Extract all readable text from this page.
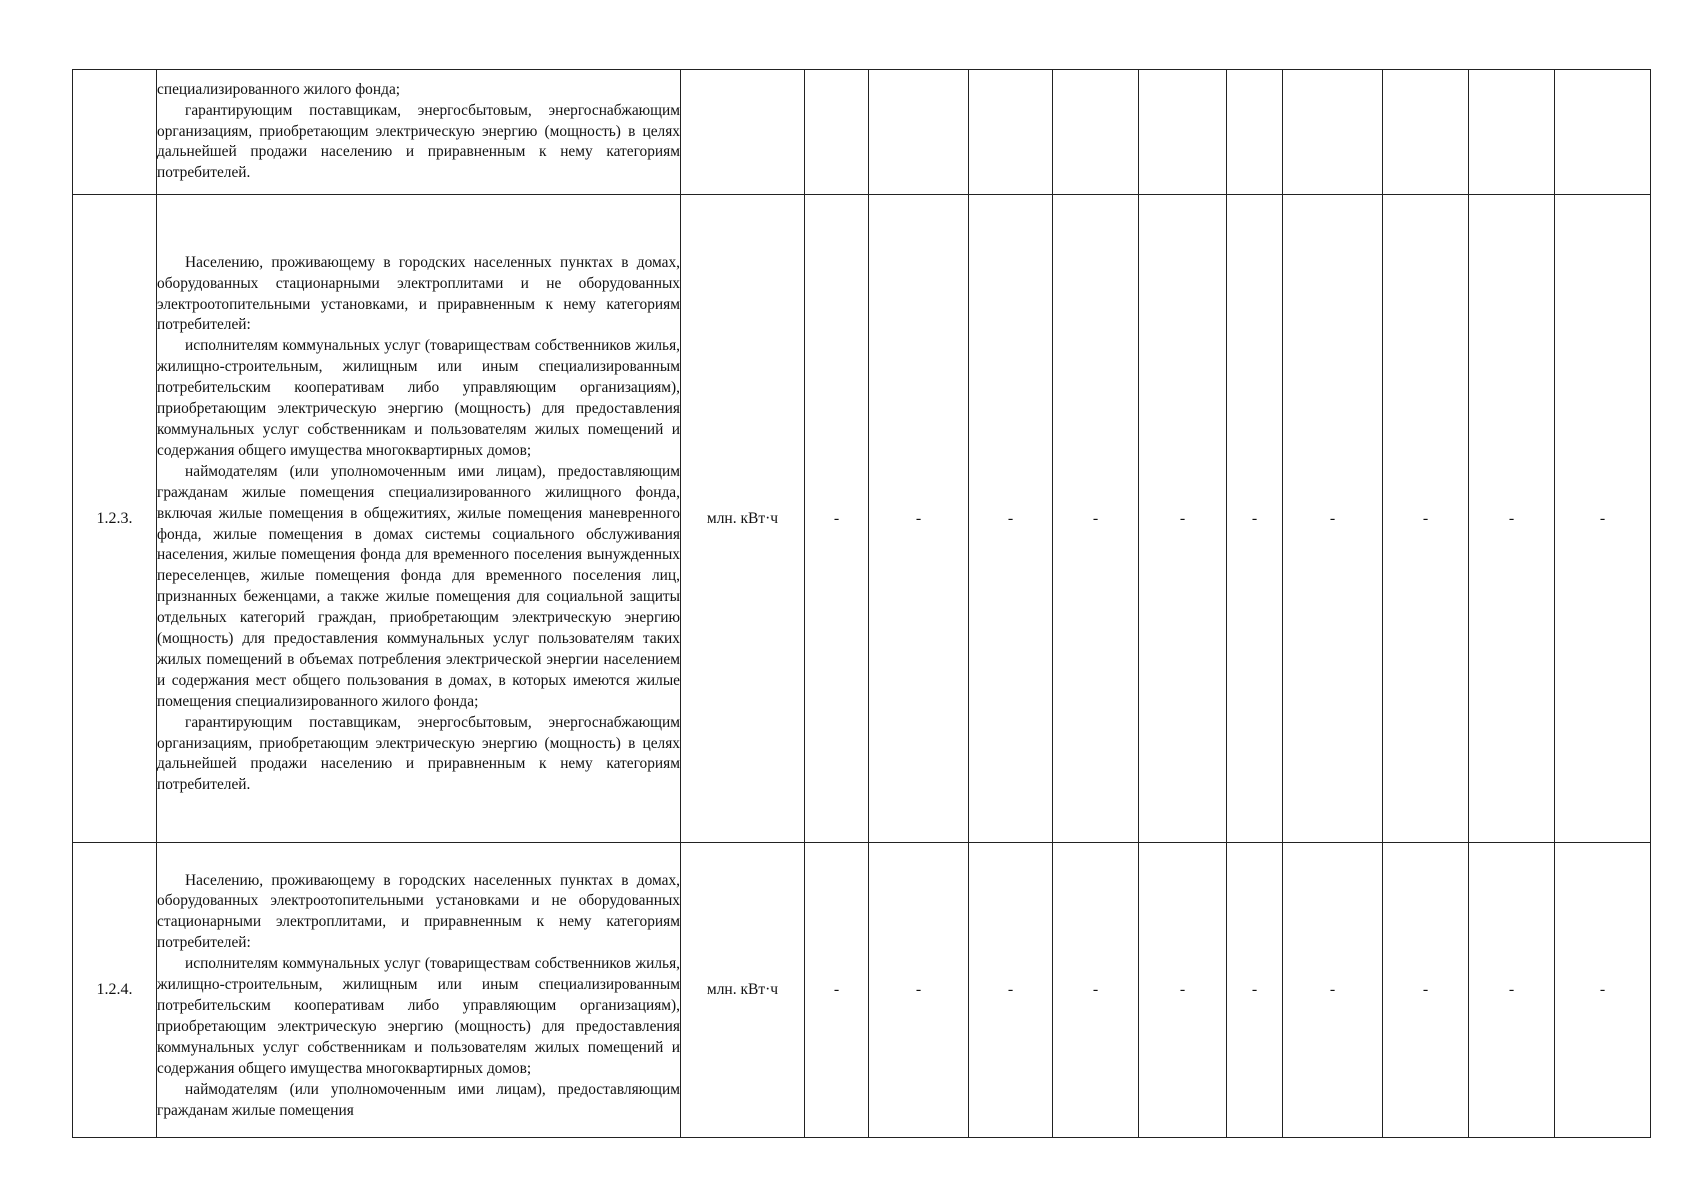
	специализированного жилого фонда;
гарантирующим поставщикам, энергосбытовым, энергоснабжающим организациям, приобретающим электрическую энергию (мощность) в целях дальнейшей продажи населению и приравненным к нему категориям потребителей.											

1.2.3.	Населению, проживающему в городских населенных пунктах в домах, оборудованных стационарными электроплитами и не оборудованных электроотопительными установками, и приравненным к нему категориям потребителей:
исполнителям коммунальных услуг (товариществам собственников жилья, жилищно-строительным, жилищным или иным специализированным потребительским кооперативам либо управляющим организациям), приобретающим электрическую энергию (мощность) для предоставления коммунальных услуг собственникам и пользователям жилых помещений и содержания общего имущества многоквартирных домов;
наймодателям (или уполномоченным ими лицам), предоставляющим гражданам жилые помещения специализированного жилищного фонда, включая жилые помещения в общежитиях, жилые помещения маневренного фонда, жилые помещения в домах системы социального обслуживания населения, жилые помещения фонда для временного поселения вынужденных переселенцев, жилые помещения фонда для временного поселения лиц, признанных беженцами, а также жилые помещения для социальной защиты отдельных категорий граждан, приобретающим электрическую энергию (мощность) для предоставления коммунальных услуг пользователям таких жилых помещений в объемах потребления электрической энергии населением и содержания мест общего пользования в домах, в которых имеются жилые помещения специализированного жилого фонда;
гарантирующим поставщикам, энергосбытовым, энергоснабжающим организациям, приобретающим электрическую энергию (мощность) в целях дальнейшей продажи населению и приравненным к нему категориям потребителей.	млн. кВт·ч	-	-	-	-	-	-	-	-	-	-
1.2.4.	Населению, проживающему в городских населенных пунктах в домах, оборудованных электроотопительными установками и не оборудованных стационарными электроплитами, и приравненным к нему категориям потребителей:
исполнителям коммунальных услуг (товариществам собственников жилья, жилищно-строительным, жилищным или иным специализированным потребительским кооперативам либо управляющим организациям), приобретающим электрическую энергию (мощность) для предоставления коммунальных услуг собственникам и пользователям жилых помещений и содержания общего имущества многоквартирных домов;
наймодателям (или уполномоченным ими лицам), предоставляющим гражданам жилые помещения	млн. кВт·ч	-	-	-	-	-	-	-	-	-	-
